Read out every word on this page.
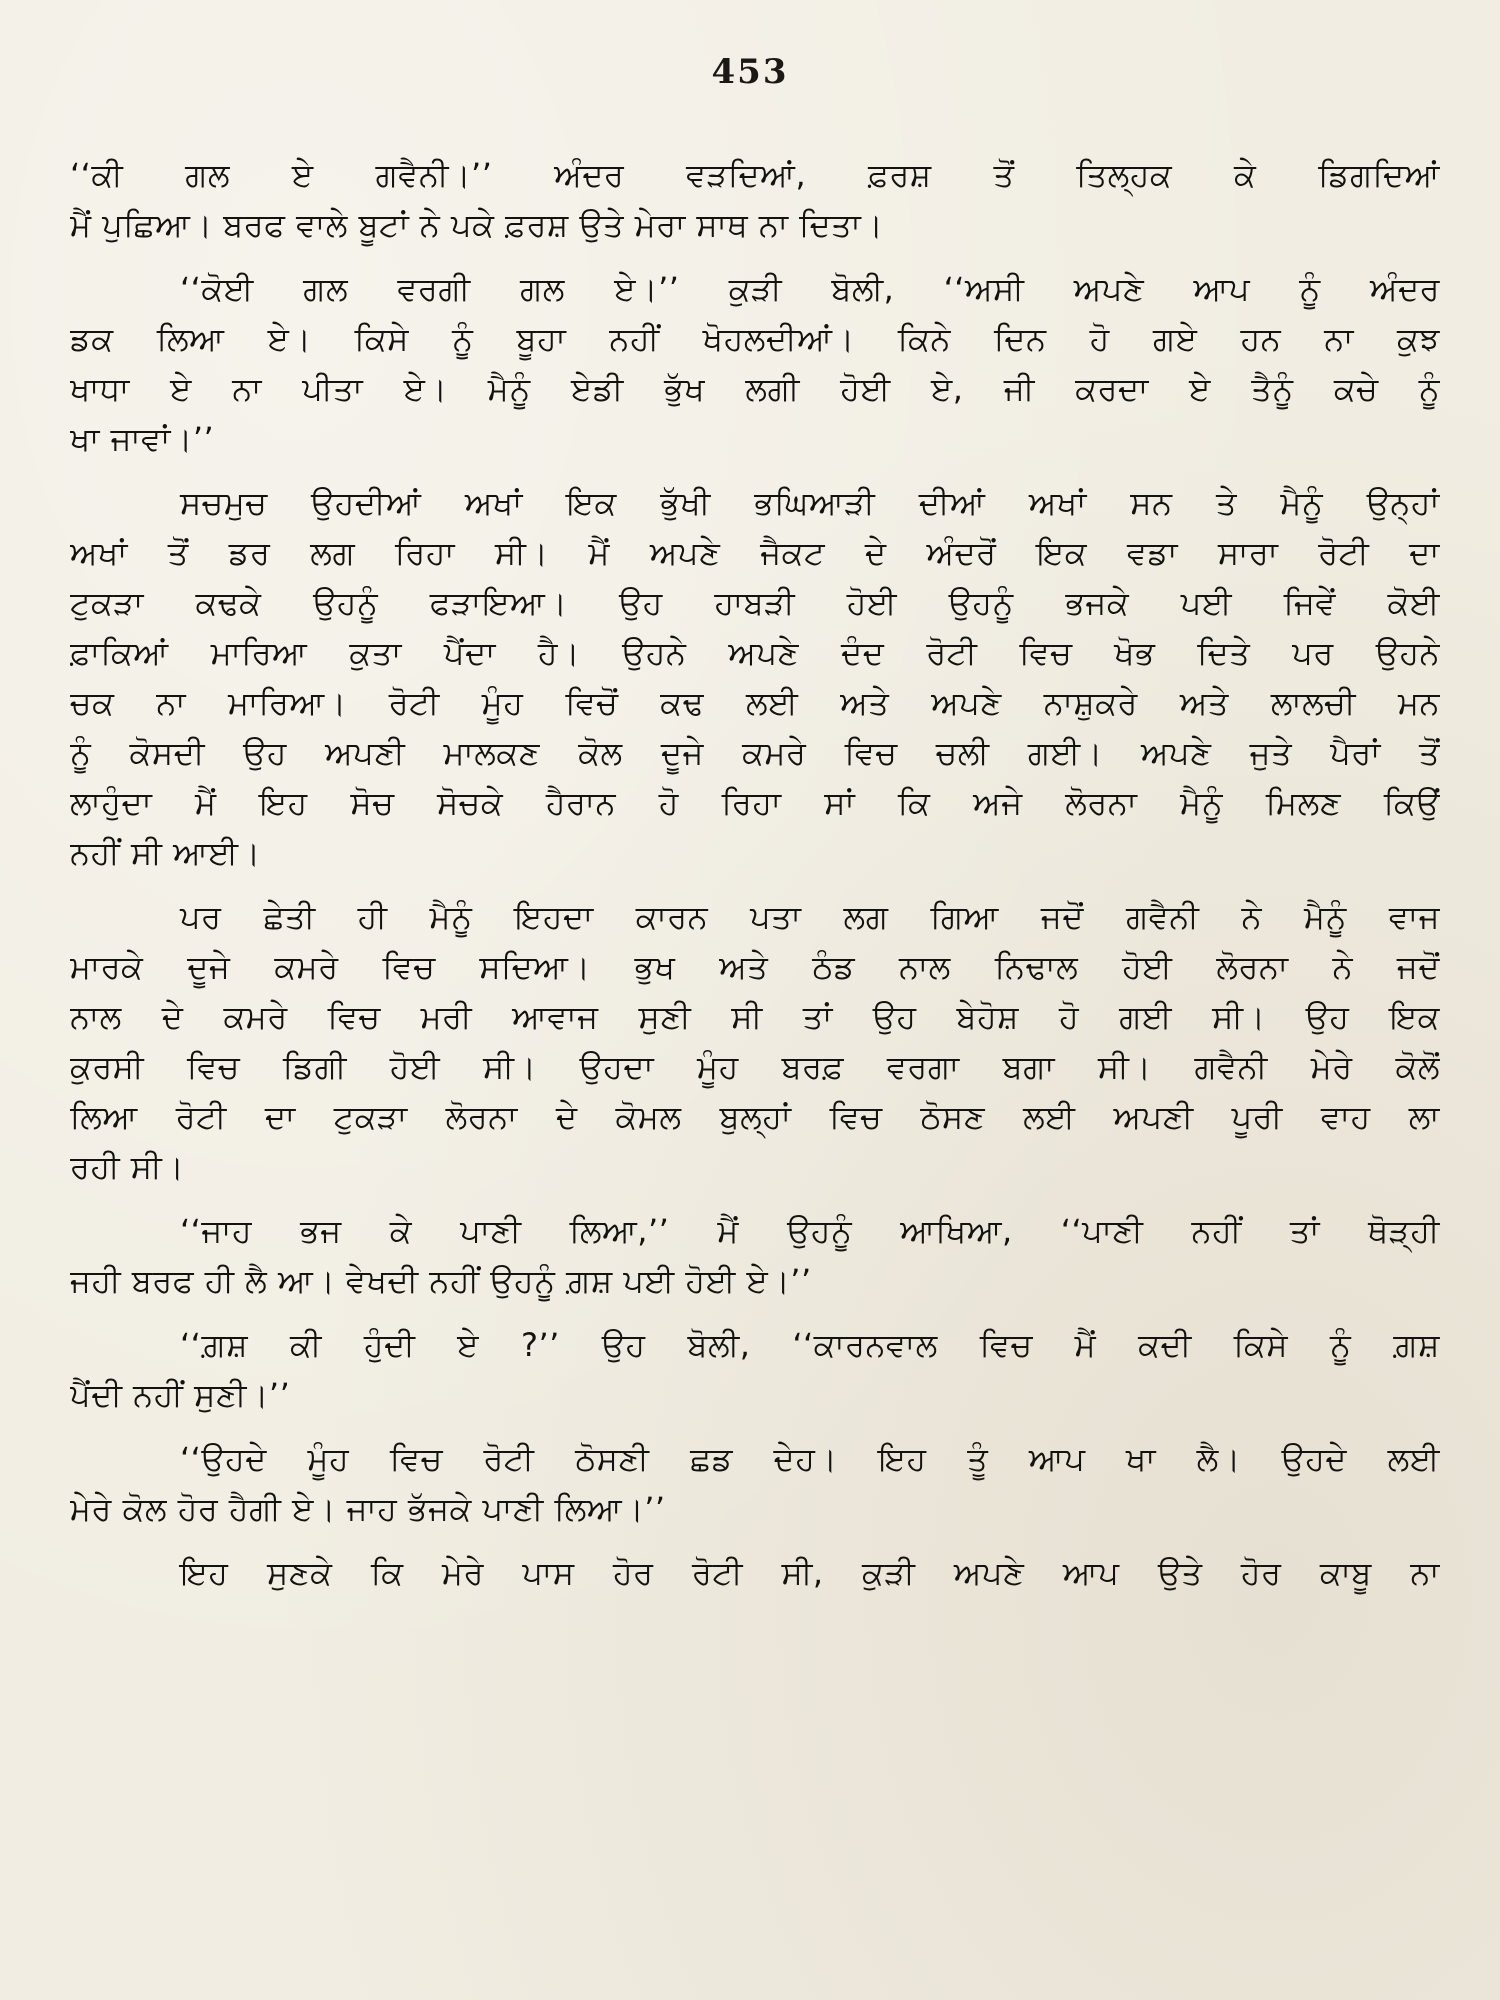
453
‘‘ਕੀ ਗਲ ਏ ਗਵੈਨੀ।’’ ਅੰਦਰ ਵੜਦਿਆਂ, ਫ਼ਰਸ਼ ਤੋਂ ਤਿਲ੍ਹਕ ਕੇ ਡਿਗਦਿਆਂ
ਮੈਂ ਪੁਛਿਆ। ਬਰਫ ਵਾਲੇ ਬੂਟਾਂ ਨੇ ਪਕੇ ਫ਼ਰਸ਼ ਉਤੇ ਮੇਰਾ ਸਾਥ ਨਾ ਦਿਤਾ।
‘‘ਕੋਈ ਗਲ ਵਰਗੀ ਗਲ ਏ।’’ ਕੁੜੀ ਬੋਲੀ, ‘‘ਅਸੀ ਅਪਣੇ ਆਪ ਨੂੰ ਅੰਦਰ
ਡਕ ਲਿਆ ਏ। ਕਿਸੇ ਨੂੰ ਬੂਹਾ ਨਹੀਂ ਖੋਹਲਦੀਆਂ। ਕਿਨੇ ਦਿਨ ਹੋ ਗਏ ਹਨ ਨਾ ਕੁਝ
ਖਾਧਾ ਏ ਨਾ ਪੀਤਾ ਏ। ਮੈਨੂੰ ਏਡੀ ਭੁੱਖ ਲਗੀ ਹੋਈ ਏ, ਜੀ ਕਰਦਾ ਏ ਤੈਨੂੰ ਕਚੇ ਨੂੰ
ਖਾ ਜਾਵਾਂ।’’
ਸਚਮੁਚ ਉਹਦੀਆਂ ਅਖਾਂ ਇਕ ਭੁੱਖੀ ਭਘਿਆੜੀ ਦੀਆਂ ਅਖਾਂ ਸਨ ਤੇ ਮੈਨੂੰ ਉਨ੍ਹਾਂ
ਅਖਾਂ ਤੋਂ ਡਰ ਲਗ ਰਿਹਾ ਸੀ। ਮੈਂ ਅਪਣੇ ਜੈਕਟ ਦੇ ਅੰਦਰੋਂ ਇਕ ਵਡਾ ਸਾਰਾ ਰੋਟੀ ਦਾ
ਟੁਕੜਾ ਕਢਕੇ ਉਹਨੂੰ ਫੜਾਇਆ। ਉਹ ਹਾਬੜੀ ਹੋਈ ਉਹਨੂੰ ਭਜਕੇ ਪਈ ਜਿਵੇਂ ਕੋਈ
ਫ਼ਾਕਿਆਂ ਮਾਰਿਆ ਕੁਤਾ ਪੈਂਦਾ ਹੈ। ਉਹਨੇ ਅਪਣੇ ਦੰਦ ਰੋਟੀ ਵਿਚ ਖੋਭ ਦਿਤੇ ਪਰ ਉਹਨੇ
ਚਕ ਨਾ ਮਾਰਿਆ। ਰੋਟੀ ਮੂੰਹ ਵਿਚੋਂ ਕਢ ਲਈ ਅਤੇ ਅਪਣੇ ਨਾਸ਼ੁਕਰੇ ਅਤੇ ਲਾਲਚੀ ਮਨ
ਨੂੰ ਕੋਸਦੀ ਉਹ ਅਪਣੀ ਮਾਲਕਣ ਕੋਲ ਦੂਜੇ ਕਮਰੇ ਵਿਚ ਚਲੀ ਗਈ। ਅਪਣੇ ਜੁਤੇ ਪੈਰਾਂ ਤੋਂ
ਲਾਹੁੰਦਾ ਮੈਂ ਇਹ ਸੋਚ ਸੋਚਕੇ ਹੈਰਾਨ ਹੋ ਰਿਹਾ ਸਾਂ ਕਿ ਅਜੇ ਲੋਰਨਾ ਮੈਨੂੰ ਮਿਲਣ ਕਿਉਂ
ਨਹੀਂ ਸੀ ਆਈ।
ਪਰ ਛੇਤੀ ਹੀ ਮੈਨੂੰ ਇਹਦਾ ਕਾਰਨ ਪਤਾ ਲਗ ਗਿਆ ਜਦੋਂ ਗਵੈਨੀ ਨੇ ਮੈਨੂੰ ਵਾਜ
ਮਾਰਕੇ ਦੂਜੇ ਕਮਰੇ ਵਿਚ ਸਦਿਆ। ਭੁਖ ਅਤੇ ਠੰਡ ਨਾਲ ਨਿਢਾਲ ਹੋਈ ਲੋਰਨਾ ਨੇ ਜਦੋਂ
ਨਾਲ ਦੇ ਕਮਰੇ ਵਿਚ ਮਰੀ ਆਵਾਜ ਸੁਣੀ ਸੀ ਤਾਂ ਉਹ ਬੇਹੋਸ਼ ਹੋ ਗਈ ਸੀ। ਉਹ ਇਕ
ਕੁਰਸੀ ਵਿਚ ਡਿਗੀ ਹੋਈ ਸੀ। ਉਹਦਾ ਮੂੰਹ ਬਰਫ਼ ਵਰਗਾ ਬਗਾ ਸੀ। ਗਵੈਨੀ ਮੇਰੇ ਕੋਲੋਂ
ਲਿਆ ਰੋਟੀ ਦਾ ਟੁਕੜਾ ਲੋਰਨਾ ਦੇ ਕੋਮਲ ਬੁਲ੍ਹਾਂ ਵਿਚ ਠੋਸਣ ਲਈ ਅਪਣੀ ਪੂਰੀ ਵਾਹ ਲਾ
ਰਹੀ ਸੀ।
‘‘ਜਾਹ ਭਜ ਕੇ ਪਾਣੀ ਲਿਆ,’’ ਮੈਂ ਉਹਨੂੰ ਆਖਿਆ, ‘‘ਪਾਣੀ ਨਹੀਂ ਤਾਂ ਥੋੜ੍ਹੀ
ਜਹੀ ਬਰਫ ਹੀ ਲੈ ਆ। ਵੇਖਦੀ ਨਹੀਂ ਉਹਨੂੰ ਗ਼ਸ਼ ਪਈ ਹੋਈ ਏ।’’
‘‘ਗ਼ਸ਼ ਕੀ ਹੁੰਦੀ ਏ ?’’ ਉਹ ਬੋਲੀ, ‘‘ਕਾਰਨਵਾਲ ਵਿਚ ਮੈਂ ਕਦੀ ਕਿਸੇ ਨੂੰ ਗ਼ਸ਼
ਪੈਂਦੀ ਨਹੀਂ ਸੁਣੀ।’’
‘‘ਉਹਦੇ ਮੂੰਹ ਵਿਚ ਰੋਟੀ ਠੋਸਣੀ ਛਡ ਦੇਹ। ਇਹ ਤੂੰ ਆਪ ਖਾ ਲੈ। ਉਹਦੇ ਲਈ
ਮੇਰੇ ਕੋਲ ਹੋਰ ਹੈਗੀ ਏ। ਜਾਹ ਭੱਜਕੇ ਪਾਣੀ ਲਿਆ।’’
ਇਹ ਸੁਣਕੇ ਕਿ ਮੇਰੇ ਪਾਸ ਹੋਰ ਰੋਟੀ ਸੀ, ਕੁੜੀ ਅਪਣੇ ਆਪ ਉਤੇ ਹੋਰ ਕਾਬੂ ਨਾ
